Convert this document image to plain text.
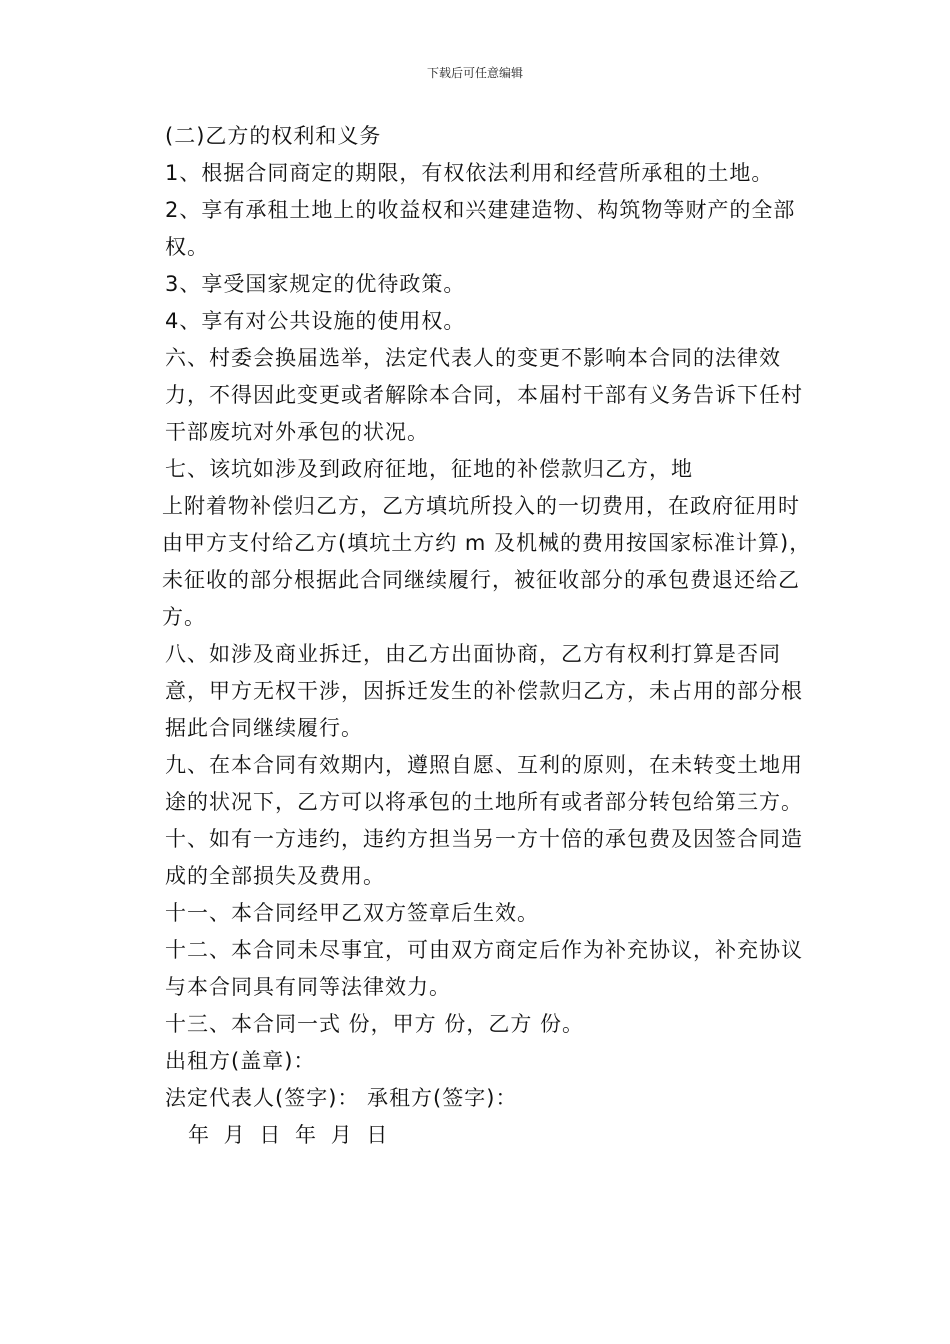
下载后可任意编辑

(二)乙方的权利和义务

1、根据合同商定的期限，有权依法利用和经营所承租的土地。

2、享有承租土地上的收益权和兴建建造物、构筑物等财产的全部权。

3、享受国家规定的优待政策。

4、享有对公共设施的使用权。

六、村委会换届选举，法定代表人的变更不影响本合同的法律效力，不得因此变更或者解除本合同，本届村干部有义务告诉下任村干部废坑对外承包的状况。

七、该坑如涉及到政府征地，征地的补偿款归乙方，地

上附着物补偿归乙方，乙方填坑所投入的一切费用，在政府征用时由甲方支付给乙方(填坑土方约 m 及机械的费用按国家标准计算)，未征收的部分根据此合同继续履行，被征收部分的承包费退还给乙方。

八、如涉及商业拆迁，由乙方出面协商，乙方有权利打算是否同意，甲方无权干涉，因拆迁发生的补偿款归乙方，未占用的部分根据此合同继续履行。

九、在本合同有效期内，遵照自愿、互利的原则，在未转变土地用途的状况下，乙方可以将承包的土地所有或者部分转包给第三方。

十、如有一方违约，违约方担当另一方十倍的承包费及因签合同造成的全部损失及费用。

十一、本合同经甲乙双方签章后生效。

十二、本合同未尽事宜，可由双方商定后作为补充协议，补充协议与本合同具有同等法律效力。

十三、本合同一式 份，甲方 份，乙方 份。

出租方(盖章)：

法定代表人(签字)： 承租方(签字)：

年 月 日 年 月 日
